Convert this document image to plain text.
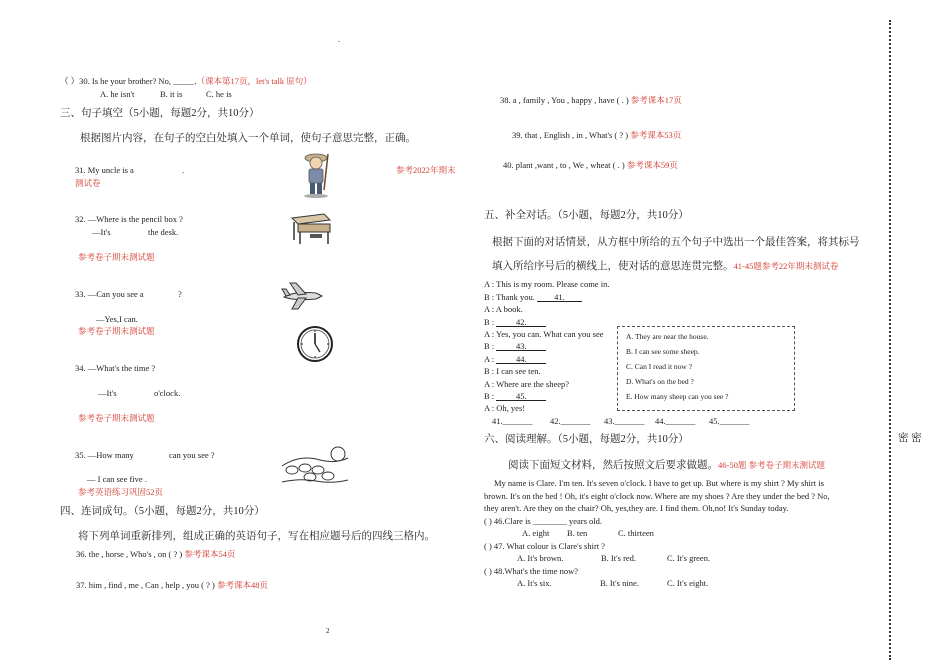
.
密 密
2
（ ）30. Is he your brother? No, _____.（课本第17页，let's talk 原句）
A. he isn't	B. it is	C. he is
三、句子填空（5小题，每题2分，共10分）
根据图片内容，在句子的空白处填入一个单词，使句子意思完整，正确。
31. My uncle is a	.	参考2022年期末
测试卷
32. —Where is the pencil box ?
—It's	the desk.
参考卷子期末测试题
33. —Can you see a	?
—Yes,I can.
参考卷子期末测试题
34. —What's the time ?
—It's	o'clock.
参考卷子期末测试题
35. —How many	can you see ?
— I can see five .
参考英语练习巩固52页
四、连词成句。（5小题，每题2分，共10分）
将下列单词重新排列，组成正确的英语句子，写在相应题号后的四线三格内。
36. the , horse , Who's , on ( ? ) 参考课本54页
37. him , find , me , Can , help , you ( ? ) 参考课本48页
38. a , family , You , happy , have ( . ) 参考课本17页
39. that , English , in , What's ( ? ) 参考课本53页
40. plant ,want , to , We , wheat ( . ) 参考课本59页
五、补全对话。（5小题，每题2分，共10分）
根据下面的对话情景，从方框中所给的五个句子中选出一个最佳答案，将其标号
填入所给序号后的横线上，使对话的意思连贯完整。41-45题参考22年期末测试卷
A : This is my room. Please come in.
B : Thank you. 41.
A : A book.
B :	42.
A : Yes, you can. What can you see
B :	43.
A :	44.
B : I can see ten.
A : Where are the sheep?
B :	45.
A : Oh, yes!
A. They are near the house.
B. I can see some sheep.
C. Can I read it now ?
D. What's on the bed ?
E. How many sheep can you see ?
41._______ 42._______ 43._______ 44._______ 45._______
六、阅读理解。（5小题，每题2分，共10分）
阅读下面短文材料，然后按照文后要求做题。46-50题 参考卷子期末测试题
My name is Clare. I'm ten. It's seven o'clock. I have to get up. But where is my shirt ? My shirt is
brown. It's on the bed ! Oh, it's eight o'clock now. Where are my shoes ? Are they under the bed ? No,
they aren't. Are they on the chair? Oh, yes,they are. I find them. Oh,no! It's Sunday today.
( ) 46.Clare is ________ years old.
A. eight B. ten	C. thirteen
( ) 47. What colour is Clare's shirt ?
A. It's brown.	B. It's red.	C. It's green.
( ) 48.What's the time now?
A. It's six.	B. It's nine.	C. It's eight.
